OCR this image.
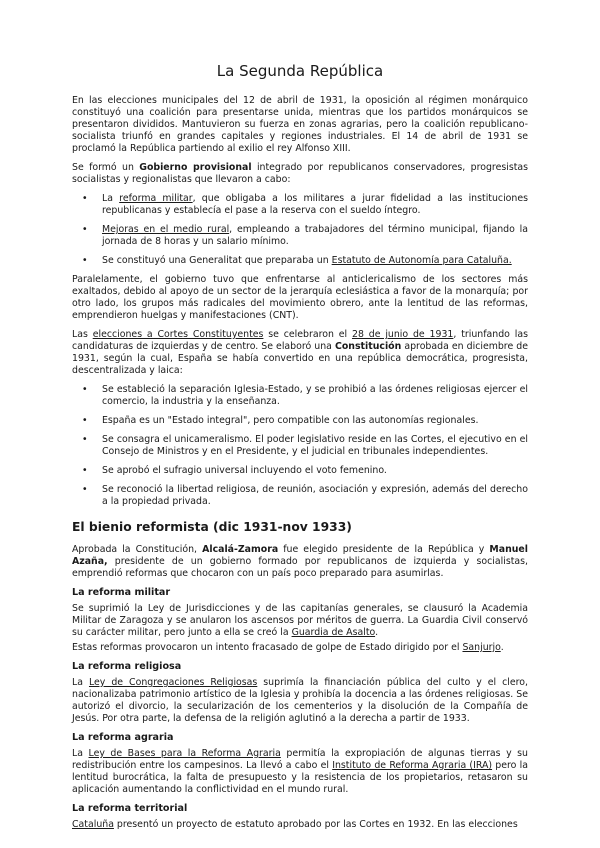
La Segunda República

En las elecciones municipales del 12 de abril de 1931, la oposición al régimen monárquico constituyó una coalición para presentarse unida, mientras que los partidos monárquicos se presentaron divididos. Mantuvieron su fuerza en zonas agrarias, pero la coalición republicano-socialista triunfó en grandes capitales y regiones industriales. El 14 de abril de 1931 se proclamó la República partiendo al exilio el rey Alfonso XIII.

Se formó un Gobierno provisional integrado por republicanos conservadores, progresistas socialistas y regionalistas que llevaron a cabo:

• La reforma militar, que obligaba a los militares a jurar fidelidad a las instituciones republicanas y establecía el pase a la reserva con el sueldo íntegro.
• Mejoras en el medio rural, empleando a trabajadores del término municipal, fijando la jornada de 8 horas y un salario mínimo.
• Se constituyó una Generalitat que preparaba un Estatuto de Autonomía para Cataluña.

Paralelamente, el gobierno tuvo que enfrentarse al anticlericalismo de los sectores más exaltados, debido al apoyo de un sector de la jerarquía eclesiástica a favor de la monarquía; por otro lado, los grupos más radicales del movimiento obrero, ante la lentitud de las reformas, emprendieron huelgas y manifestaciones (CNT).

Las elecciones a Cortes Constituyentes se celebraron el 28 de junio de 1931, triunfando las candidaturas de izquierdas y de centro. Se elaboró una Constitución aprobada en diciembre de 1931, según la cual, España se había convertido en una república democrática, progresista, descentralizada y laica:

• Se estableció la separación Iglesia-Estado, y se prohibió a las órdenes religiosas ejercer el comercio, la industria y la enseñanza.
• España es un "Estado integral", pero compatible con las autonomías regionales.
• Se consagra el unicameralismo. El poder legislativo reside en las Cortes, el ejecutivo en el Consejo de Ministros y en el Presidente, y el judicial en tribunales independientes.
• Se aprobó el sufragio universal incluyendo el voto femenino.
• Se reconoció la libertad religiosa, de reunión, asociación y expresión, además del derecho a la propiedad privada.
El bienio reformista (dic 1931-nov 1933)

Aprobada la Constitución, Alcalá-Zamora fue elegido presidente de la República y Manuel Azaña, presidente de un gobierno formado por republicanos de izquierda y socialistas, emprendió reformas que chocaron con un país poco preparado para asumirlas.

La reforma militar

Se suprimió la Ley de Jurisdicciones y de las capitanías generales, se clausuró la Academia Militar de Zaragoza y se anularon los ascensos por méritos de guerra. La Guardia Civil conservó su carácter militar, pero junto a ella se creó la Guardia de Asalto.

Estas reformas provocaron un intento fracasado de golpe de Estado dirigido por el Sanjurjo.

La reforma religiosa

La Ley de Congregaciones Religiosas suprimía la financiación pública del culto y el clero, nacionalizaba patrimonio artístico de la Iglesia y prohibía la docencia a las órdenes religiosas. Se autorizó el divorcio, la secularización de los cementerios y la disolución de la Compañía de Jesús. Por otra parte, la defensa de la religión aglutinó a la derecha a partir de 1933.

La reforma agraria

La Ley de Bases para la Reforma Agraria permitía la expropiación de algunas tierras y su redistribución entre los campesinos. La llevó a cabo el Instituto de Reforma Agraria (IRA) pero la lentitud burocrática, la falta de presupuesto y la resistencia de los propietarios, retasaron su aplicación aumentando la conflictividad en el mundo rural.

La reforma territorial

Cataluña presentó un proyecto de estatuto aprobado por las Cortes en 1932. En las elecciones
